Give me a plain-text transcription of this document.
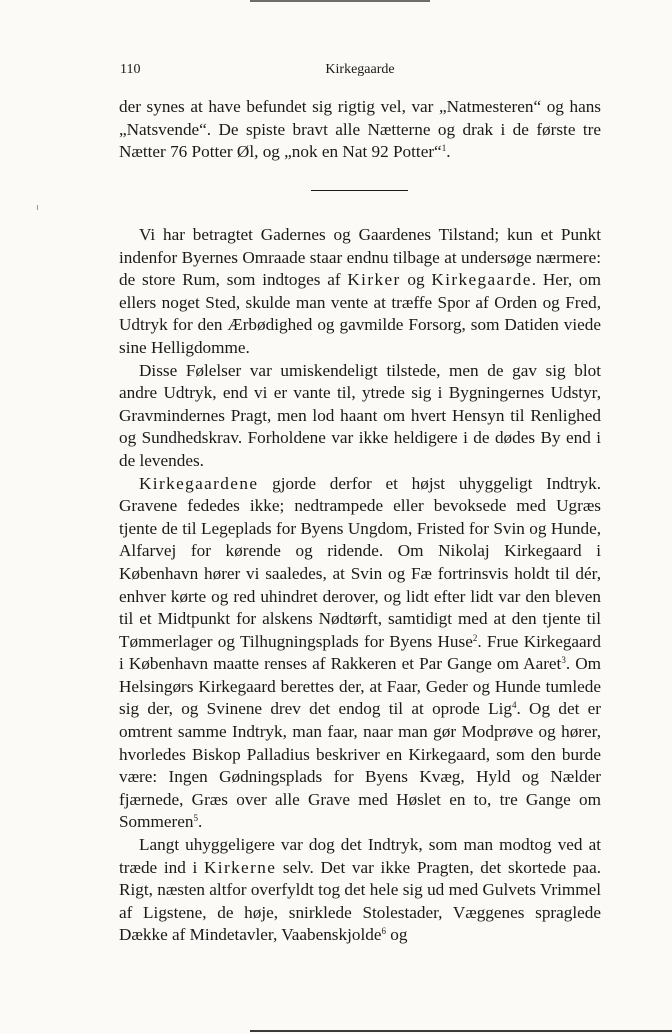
110	Kirkegaarde

der synes at have befundet sig rigtig vel, var „Natmesteren“ og hans „Natsvende“. De spiste bravt alle Nætterne og drak i de første tre Nætter 76 Potter Øl, og „nok en Nat 92 Potter“$^1$.

Vi har betragtet Gadernes og Gaardenes Tilstand; kun et Punkt indenfor Byernes Omraade staar endnu tilbage at undersøge nærmere: de store Rum, som indtoges af Kirker og Kirkegaarde. Her, om ellers noget Sted, skulde man vente at træffe Spor af Orden og Fred, Udtryk for den Ærbødighed og gavmilde Forsorg, som Datiden viede sine Helligdomme.

Disse Følelser var umiskendeligt tilstede, men de gav sig blot andre Udtryk, end vi er vante til, ytrede sig i Bygningernes Udstyr, Gravmindernes Pragt, men lod haant om hvert Hensyn til Renlighed og Sundhedskrav. Forholdene var ikke heldigere i de dødes By end i de levendes.

Kirkegaardene gjorde derfor et højst uhyggeligt Indtryk. Gravene fededes ikke; nedtrampede eller bevoksede med Ugræs tjente de til Legeplads for Byens Ungdom, Fristed for Svin og Hunde, Alfarvej for kørende og ridende. Om Nikolaj Kirkegaard i København hører vi saaledes, at Svin og Fæ fortrinsvis holdt til dér, enhver kørte og red uhindret derover, og lidt efter lidt var den bleven til et Midtpunkt for alskens Nødtørft, samtidigt med at den tjente til Tømmerlager og Tilhugningsplads for Byens Huse$^2$. Frue Kirkegaard i København maatte renses af Rakkeren et Par Gange om Aaret$^3$. Om Helsingørs Kirkegaard berettes der, at Faar, Geder og Hunde tumlede sig der, og Svinene drev det endog til at oprode Lig$^4$. Og det er omtrent samme Indtryk, man faar, naar man gør Modprøve og hører, hvorledes Biskop Palladius beskriver en Kirkegaard, som den burde være: Ingen Gødningsplads for Byens Kvæg, Hyld og Nælder fjærnede, Græs over alle Grave med Høslet en to, tre Gange om Sommeren$^5$.

Langt uhyggeligere var dog det Indtryk, som man modtog ved at træde ind i Kirkerne selv. Det var ikke Pragten, det skortede paa. Rigt, næsten altfor overfyldt tog det hele sig ud med Gulvets Vrimmel af Ligstene, de høje, snirklede Stolestader, Væggenes spraglede Dække af Mindetavler, Vaabenskjolde$^6$ og
